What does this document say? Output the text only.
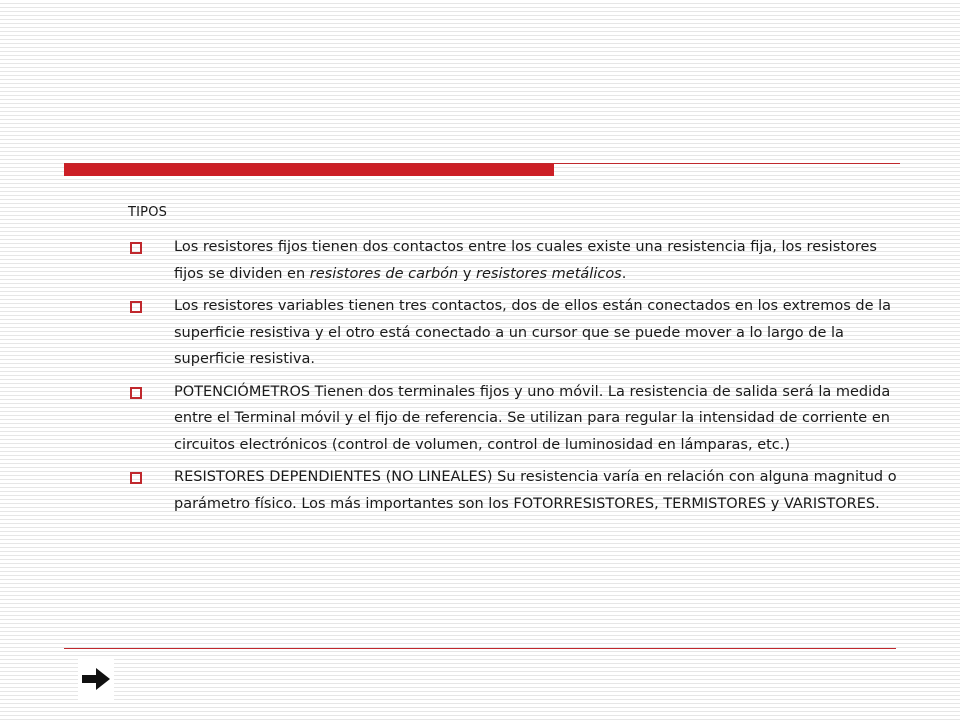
TIPOS
Los resistores fijos tienen dos contactos entre los cuales existe una resistencia fija, los resistores fijos se dividen en resistores de carbón y resistores metálicos.
Los resistores variables tienen tres contactos, dos de ellos están conectados en los extremos de la superficie resistiva y el otro está conectado a un cursor que se puede mover a lo largo de la superficie resistiva.
POTENCIÓMETROS Tienen dos terminales fijos y uno móvil. La resistencia de salida será la medida entre el Terminal móvil y el fijo de referencia. Se utilizan para regular la intensidad de corriente en circuitos electrónicos (control de volumen, control de luminosidad en lámparas, etc.)
RESISTORES DEPENDIENTES (NO LINEALES) Su resistencia varía en relación con alguna magnitud o parámetro físico. Los más importantes son los FOTORRESISTORES, TERMISTORES y VARISTORES.
